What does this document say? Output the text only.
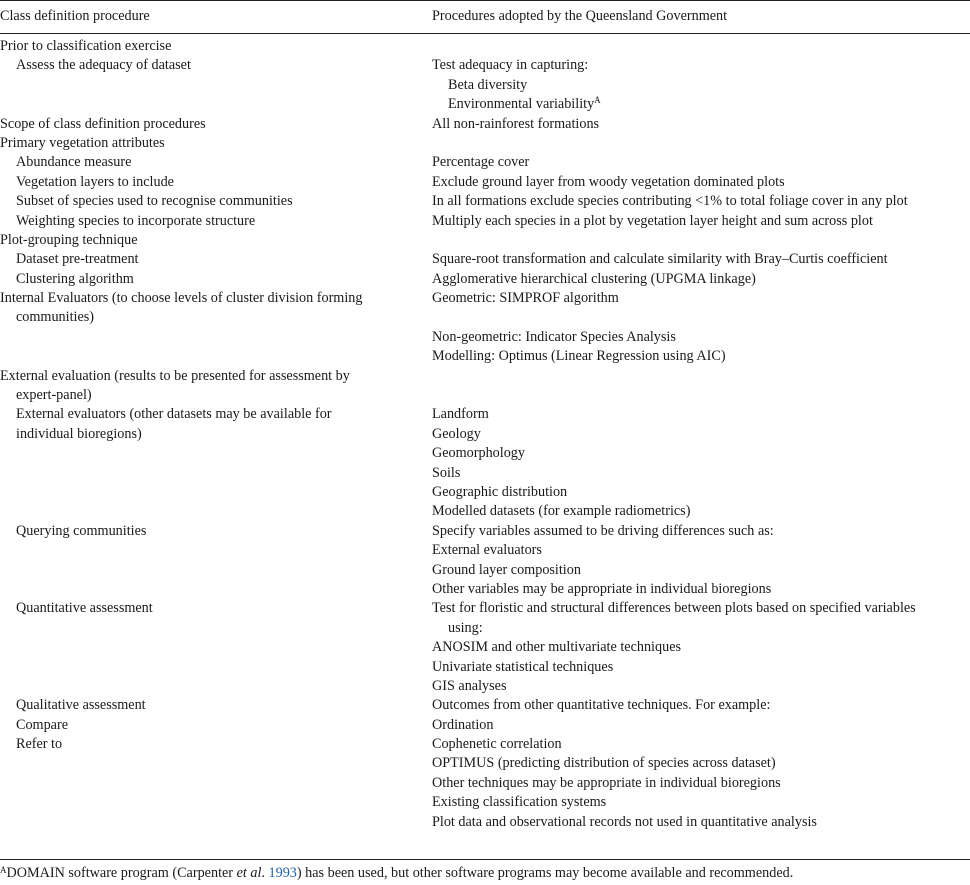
Class definition procedure	Procedures adopted by the Queensland Government
Prior to classification exercise
Assess the adequacy of dataset
Scope of class definition procedures
Primary vegetation attributes
Abundance measure
Vegetation layers to include
Subset of species used to recognise communities
Weighting species to incorporate structure
Plot-grouping technique
Dataset pre-treatment
Clustering algorithm
Internal Evaluators (to choose levels of cluster division forming
communities)
External evaluation (results to be presented for assessment by
expert-panel)
External evaluators (other datasets may be available for
individual bioregions)
Querying communities
Quantitative assessment
Qualitative assessment
Compare
Refer to
Test adequacy in capturing:
Beta diversity
Environmental variability$^A$
All non-rainforest formations
Percentage cover
Exclude ground layer from woody vegetation dominated plots
In all formations exclude species contributing <1% to total foliage cover in any plot
Multiply each species in a plot by vegetation layer height and sum across plot
Square-root transformation and calculate similarity with Bray–Curtis coefficient
Agglomerative hierarchical clustering (UPGMA linkage)
Geometric: SIMPROF algorithm
Non-geometric: Indicator Species Analysis
Modelling: Optimus (Linear Regression using AIC)
Landform
Geology
Geomorphology
Soils
Geographic distribution
Modelled datasets (for example radiometrics)
Specify variables assumed to be driving differences such as:
External evaluators
Ground layer composition
Other variables may be appropriate in individual bioregions
Test for floristic and structural differences between plots based on specified variables
using:
ANOSIM and other multivariate techniques
Univariate statistical techniques
GIS analyses
Outcomes from other quantitative techniques. For example:
Ordination
Cophenetic correlation
OPTIMUS (predicting distribution of species across dataset)
Other techniques may be appropriate in individual bioregions
Existing classification systems
Plot data and observational records not used in quantitative analysis
$^A$DOMAIN software program (Carpenter et al. 1993) has been used, but other software programs may become available and recommended.
